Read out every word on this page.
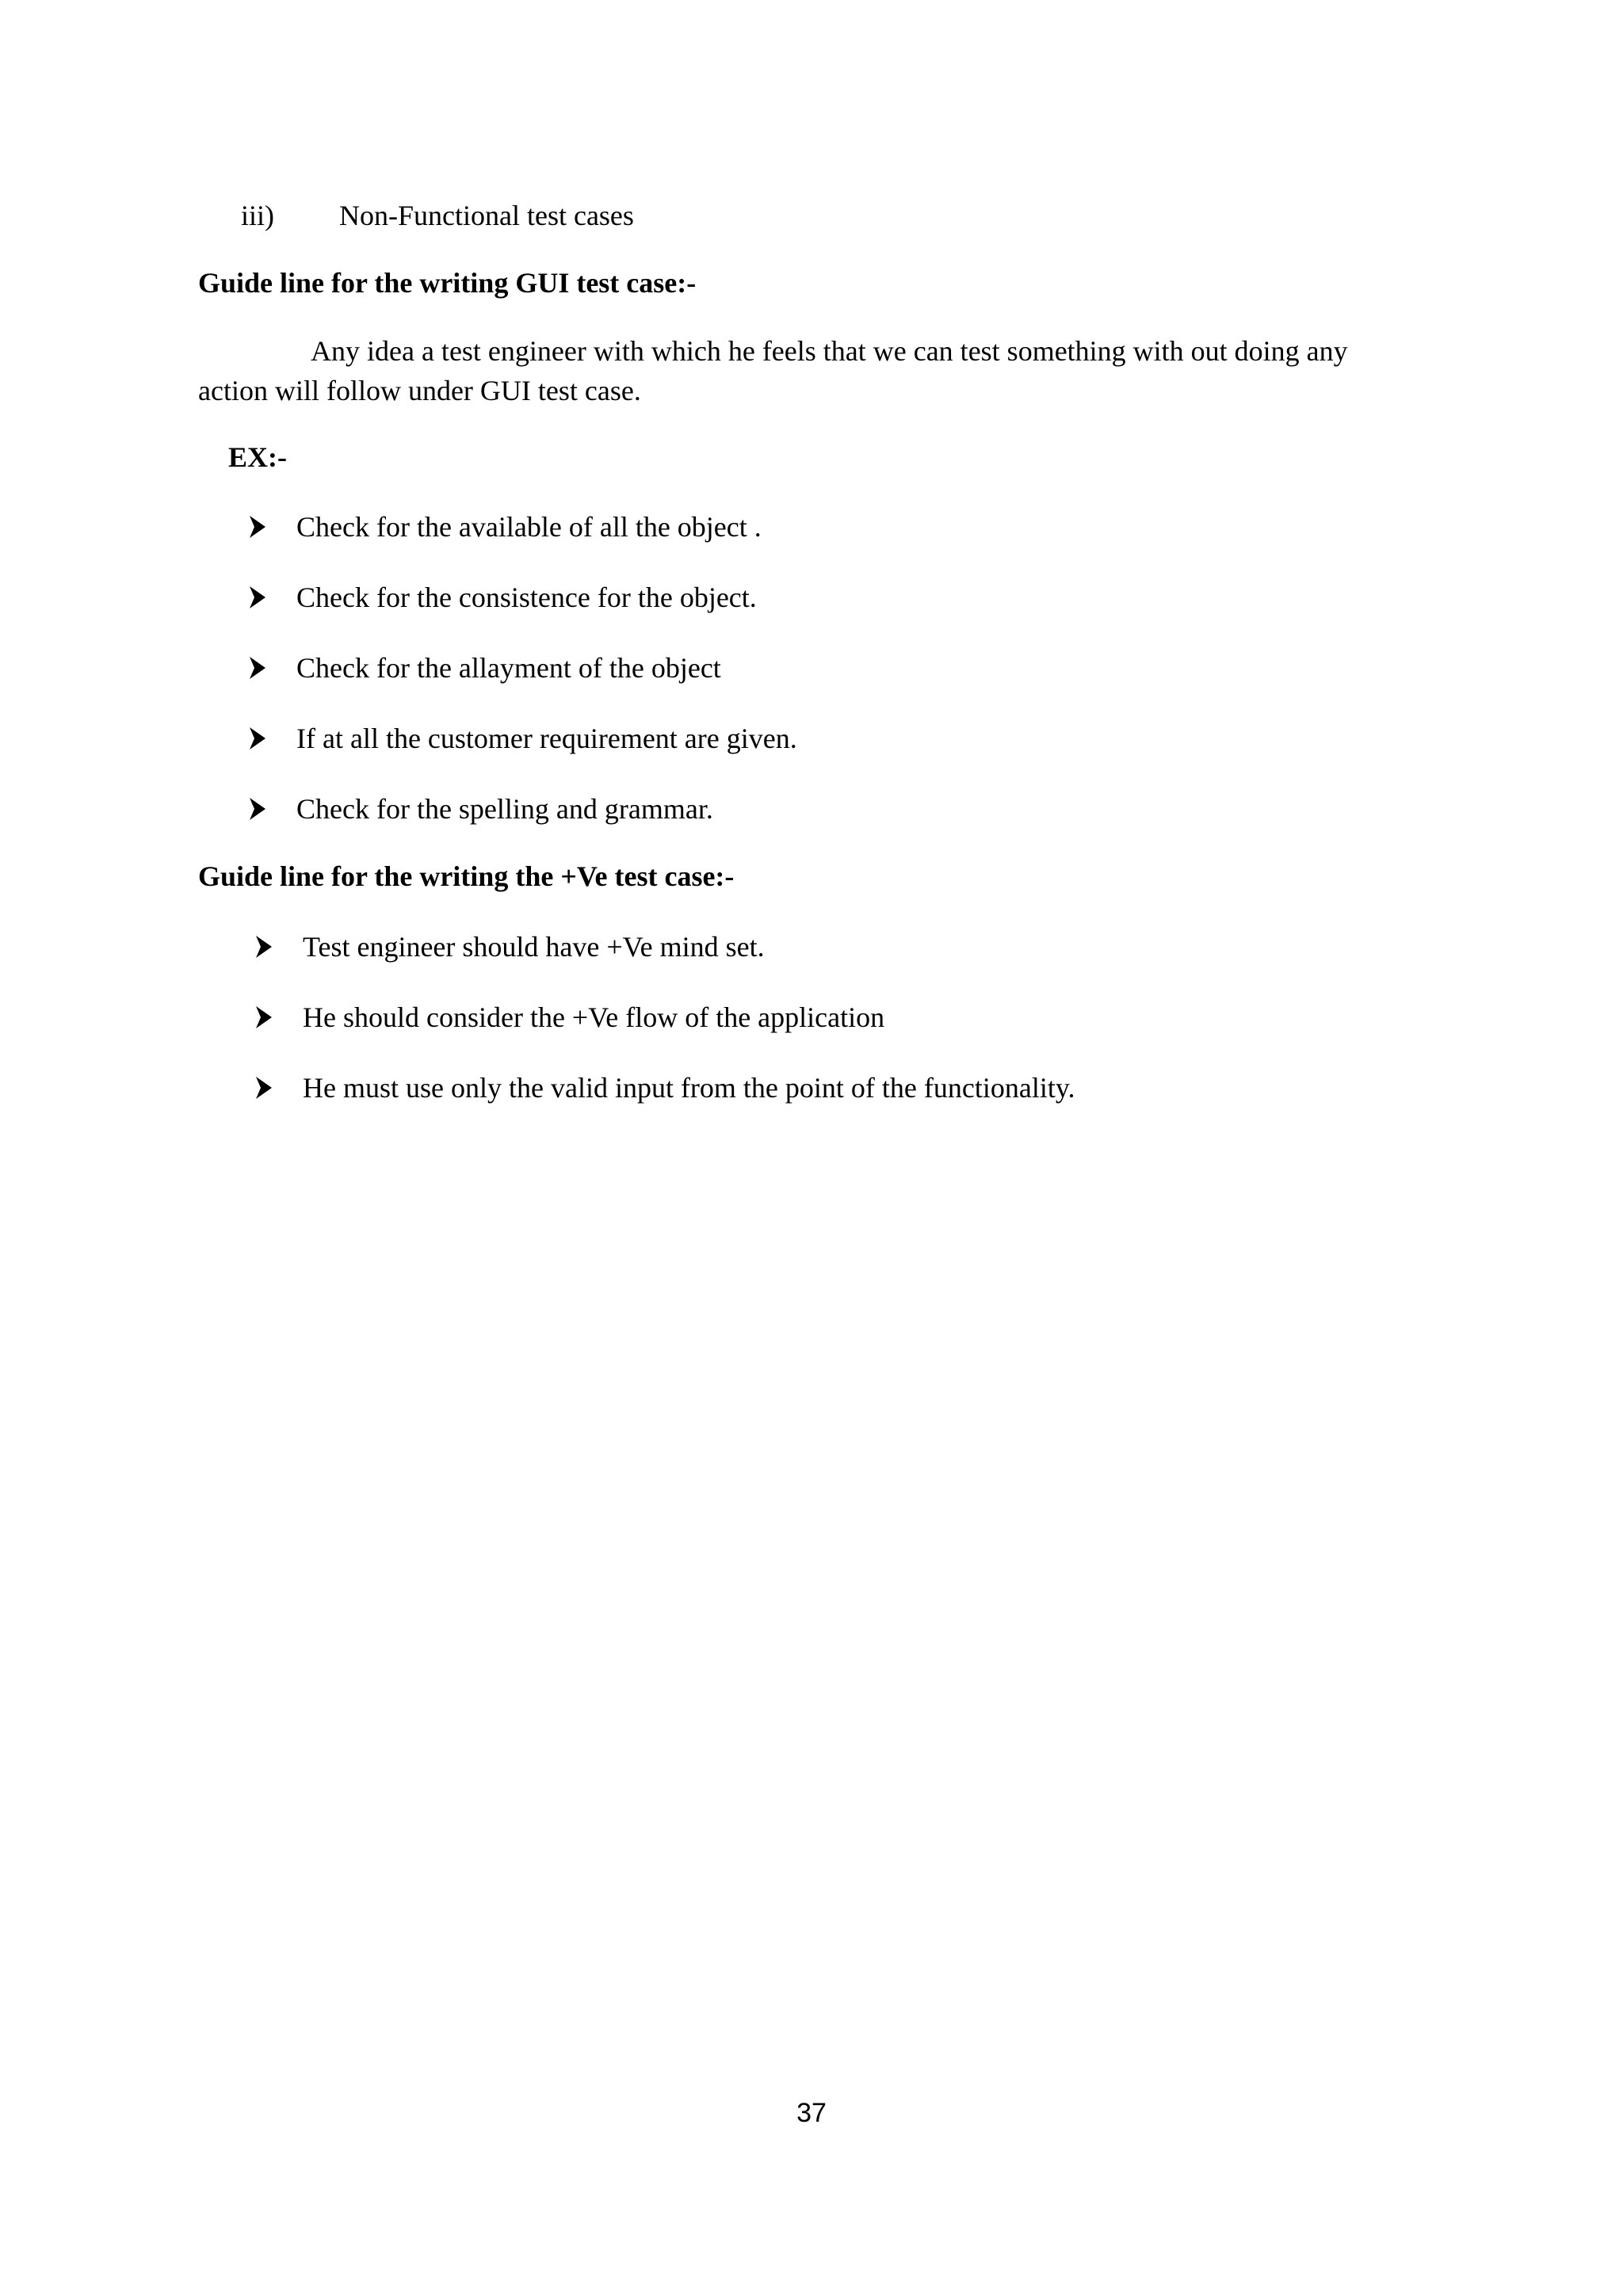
iii) Non-Functional test cases
Guide line for the writing GUI test case:-
Any idea a test engineer with which he feels that we can test something with out doing any
action will follow under GUI test case.
EX:-
Check for the available of all the object .
Check for the consistence for the object.
Check for the allayment of the object
If at all the customer requirement are given.
Check for the spelling and grammar.
Guide line for the writing the +Ve test case:-
Test engineer should have +Ve mind set.
He should consider the +Ve flow of the application
He must use only the valid input from the point of the functionality.
37
